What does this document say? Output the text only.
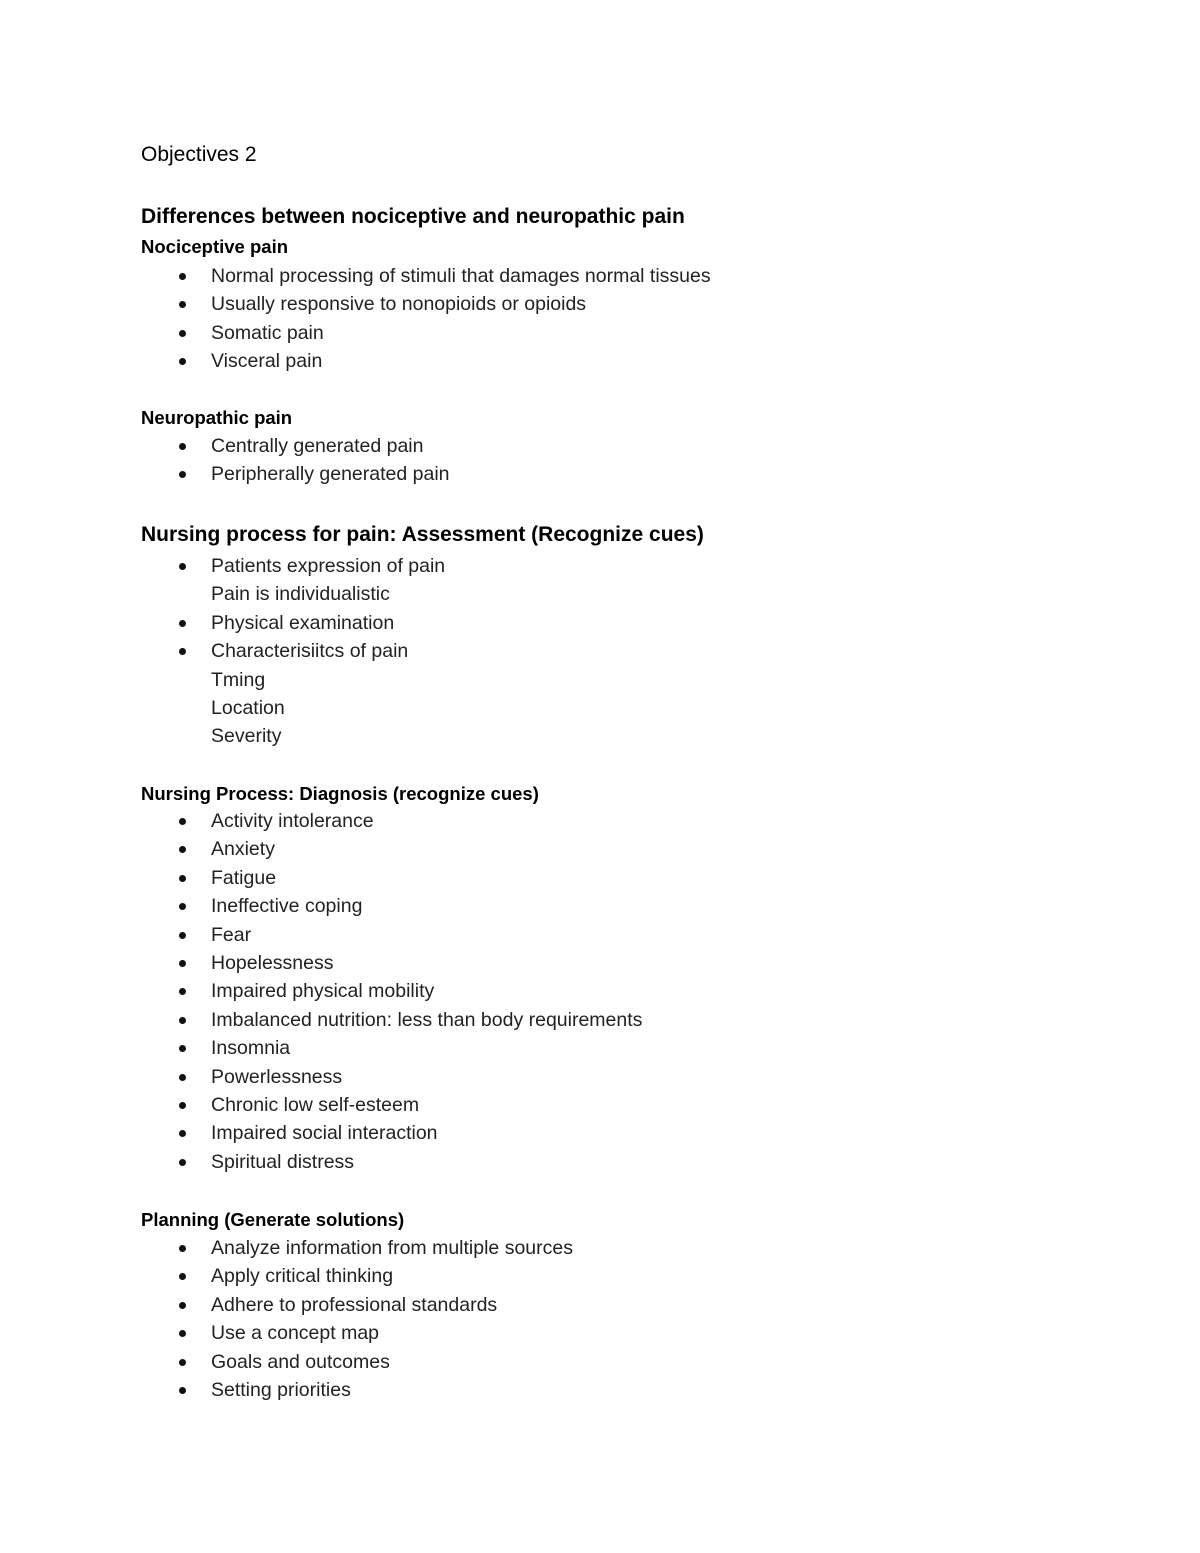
Objectives 2
Differences between nociceptive and neuropathic pain
Nociceptive pain
Normal processing of stimuli that damages normal tissues
Usually responsive to nonopioids or opioids
Somatic pain
Visceral pain
Neuropathic pain
Centrally generated pain
Peripherally generated pain
Nursing process for pain: Assessment (Recognize cues)
Patients expression of pain
Pain is individualistic
Physical examination
Characterisiitcs of pain
Tming
Location
Severity
Nursing Process: Diagnosis (recognize cues)
Activity intolerance
Anxiety
Fatigue
Ineffective coping
Fear
Hopelessness
Impaired physical mobility
Imbalanced nutrition: less than body requirements
Insomnia
Powerlessness
Chronic low self-esteem
Impaired social interaction
Spiritual distress
Planning (Generate solutions)
Analyze information from multiple sources
Apply critical thinking
Adhere to professional standards
Use a concept map
Goals and outcomes
Setting priorities
